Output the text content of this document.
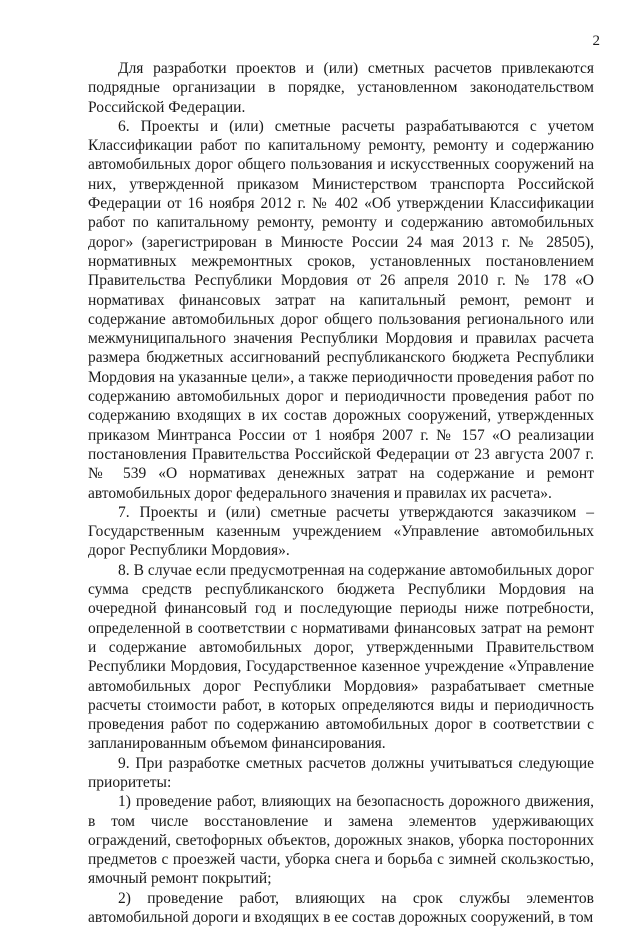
2

Для разработки проектов и (или) сметных расчетов привлекаются подрядные организации в порядке, установленном законодательством Российской Федерации.

6. Проекты и (или) сметные расчеты разрабатываются с учетом Классификации работ по капитальному ремонту, ремонту и содержанию автомобильных дорог общего пользования и искусственных сооружений на них, утвержденной приказом Министерством транспорта Российской Федерации от 16 ноября 2012 г. № 402 «Об утверждении Классификации работ по капитальному ремонту, ремонту и содержанию автомобильных дорог» (зарегистрирован в Минюсте России 24 мая 2013 г. № 28505), нормативных межремонтных сроков, установленных постановлением Правительства Республики Мордовия от 26 апреля 2010 г. № 178 «О нормативах финансовых затрат на капитальный ремонт, ремонт и содержание автомобильных дорог общего пользования регионального или межмуниципального значения Республики Мордовия и правилах расчета размера бюджетных ассигнований республиканского бюджета Республики Мордовия на указанные цели», а также периодичности проведения работ по содержанию автомобильных дорог и периодичности проведения работ по содержанию входящих в их состав дорожных сооружений, утвержденных приказом Минтранса России от 1 ноября 2007 г. № 157 «О реализации постановления Правительства Российской Федерации от 23 августа 2007 г. № 539 «О нормативах денежных затрат на содержание и ремонт автомобильных дорог федерального значения и правилах их расчета».

7. Проекты и (или) сметные расчеты утверждаются заказчиком – Государственным казенным учреждением «Управление автомобильных дорог Республики Мордовия».

8. В случае если предусмотренная на содержание автомобильных дорог сумма средств республиканского бюджета Республики Мордовия на очередной финансовый год и последующие периоды ниже потребности, определенной в соответствии с нормативами финансовых затрат на ремонт и содержание автомобильных дорог, утвержденными Правительством Республики Мордовия, Государственное казенное учреждение «Управление автомобильных дорог Республики Мордовия» разрабатывает сметные расчеты стоимости работ, в которых определяются виды и периодичность проведения работ по содержанию автомобильных дорог в соответствии с запланированным объемом финансирования.

9. При разработке сметных расчетов должны учитываться следующие приоритеты:

1) проведение работ, влияющих на безопасность дорожного движения, в том числе восстановление и замена элементов удерживающих ограждений, светофорных объектов, дорожных знаков, уборка посторонних предметов с проезжей части, уборка снега и борьба с зимней скользкостью, ямочный ремонт покрытий;

2) проведение работ, влияющих на срок службы элементов автомобильной дороги и входящих в ее состав дорожных сооружений, в том
